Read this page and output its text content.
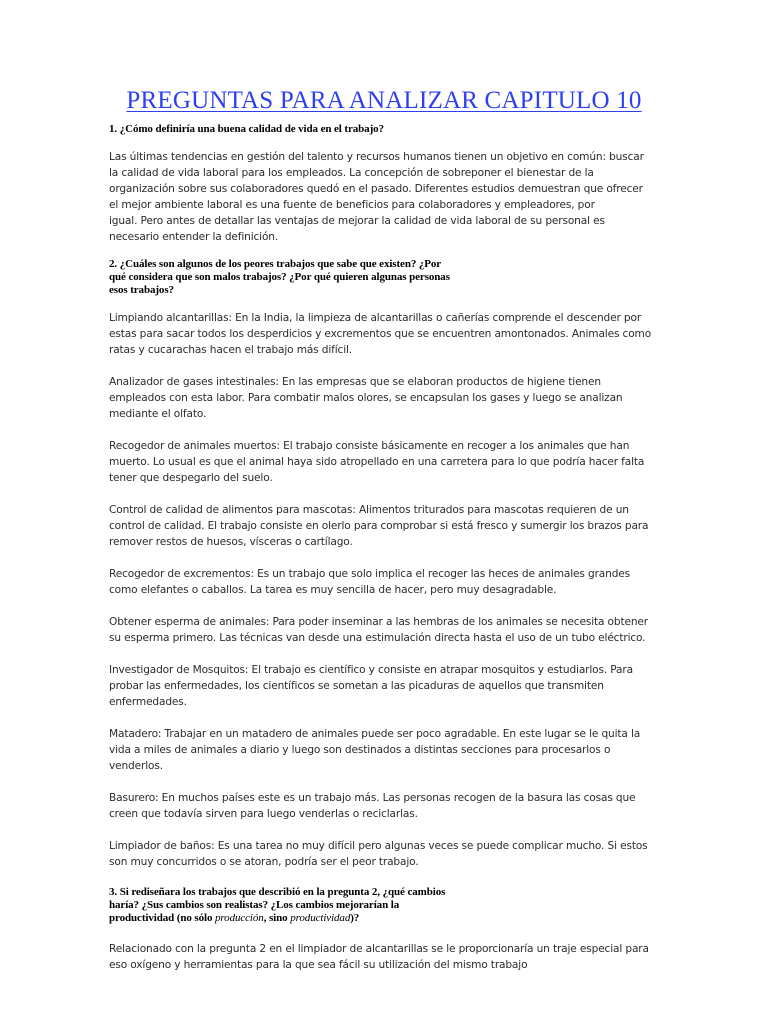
PREGUNTAS PARA ANALIZAR CAPITULO 10

1. ¿Cómo definiría una buena calidad de vida en el trabajo?

Las últimas tendencias en gestión del talento y recursos humanos tienen un objetivo en común: buscar

la calidad de vida laboral para los empleados. La concepción de sobreponer el bienestar de la

organización sobre sus colaboradores quedó en el pasado. Diferentes estudios demuestran que ofrecer

el mejor ambiente laboral es una fuente de beneficios para colaboradores y empleadores, por

igual. Pero antes de detallar las ventajas de mejorar la calidad de vida laboral de su personal es

necesario entender la definición.

2. ¿Cuáles son algunos de los peores trabajos que sabe que existen? ¿Por

qué considera que son malos trabajos? ¿Por qué quieren algunas personas

esos trabajos?

Limpiando alcantarillas: En la India, la limpieza de alcantarillas o cañerías comprende el descender por

estas para sacar todos los desperdicios y excrementos que se encuentren amontonados. Animales como

ratas y cucarachas hacen el trabajo más difícil.

Analizador de gases intestinales: En las empresas que se elaboran productos de higiene tienen

empleados con esta labor. Para combatir malos olores, se encapsulan los gases y luego se analizan

mediante el olfato.

Recogedor de animales muertos: El trabajo consiste básicamente en recoger a los animales que han

muerto. Lo usual es que el animal haya sido atropellado en una carretera para lo que podría hacer falta

tener que despegarlo del suelo.

Control de calidad de alimentos para mascotas: Alimentos triturados para mascotas requieren de un

control de calidad. El trabajo consiste en olerlo para comprobar si está fresco y sumergir los brazos para

remover restos de huesos, vísceras o cartílago.

Recogedor de excrementos: Es un trabajo que solo implica el recoger las heces de animales grandes

como elefantes o caballos. La tarea es muy sencilla de hacer, pero muy desagradable.

Obtener esperma de animales: Para poder inseminar a las hembras de los animales se necesita obtener

su esperma primero. Las técnicas van desde una estimulación directa hasta el uso de un tubo eléctrico.

Investigador de Mosquitos: El trabajo es científico y consiste en atrapar mosquitos y estudiarlos. Para

probar las enfermedades, los científicos se sometan a las picaduras de aquellos que transmiten

enfermedades.

Matadero: Trabajar en un matadero de animales puede ser poco agradable. En este lugar se le quita la

vida a miles de animales a diario y luego son destinados a distintas secciones para procesarlos o

venderlos.

Basurero: En muchos países este es un trabajo más. Las personas recogen de la basura las cosas que

creen que todavía sirven para luego venderlas o reciclarlas.

Limpiador de baños: Es una tarea no muy difícil pero algunas veces se puede complicar mucho. Si estos

son muy concurridos o se atoran, podría ser el peor trabajo.

3. Si rediseñara los trabajos que describió en la pregunta 2, ¿qué cambios

haría? ¿Sus cambios son realistas? ¿Los cambios mejorarían la

productividad (no sólo producción, sino productividad)?

Relacionado con la pregunta 2 en el limpiador de alcantarillas se le proporcionaría un traje especial para

eso oxígeno y herramientas para la que sea fácil su utilización del mismo trabajo
